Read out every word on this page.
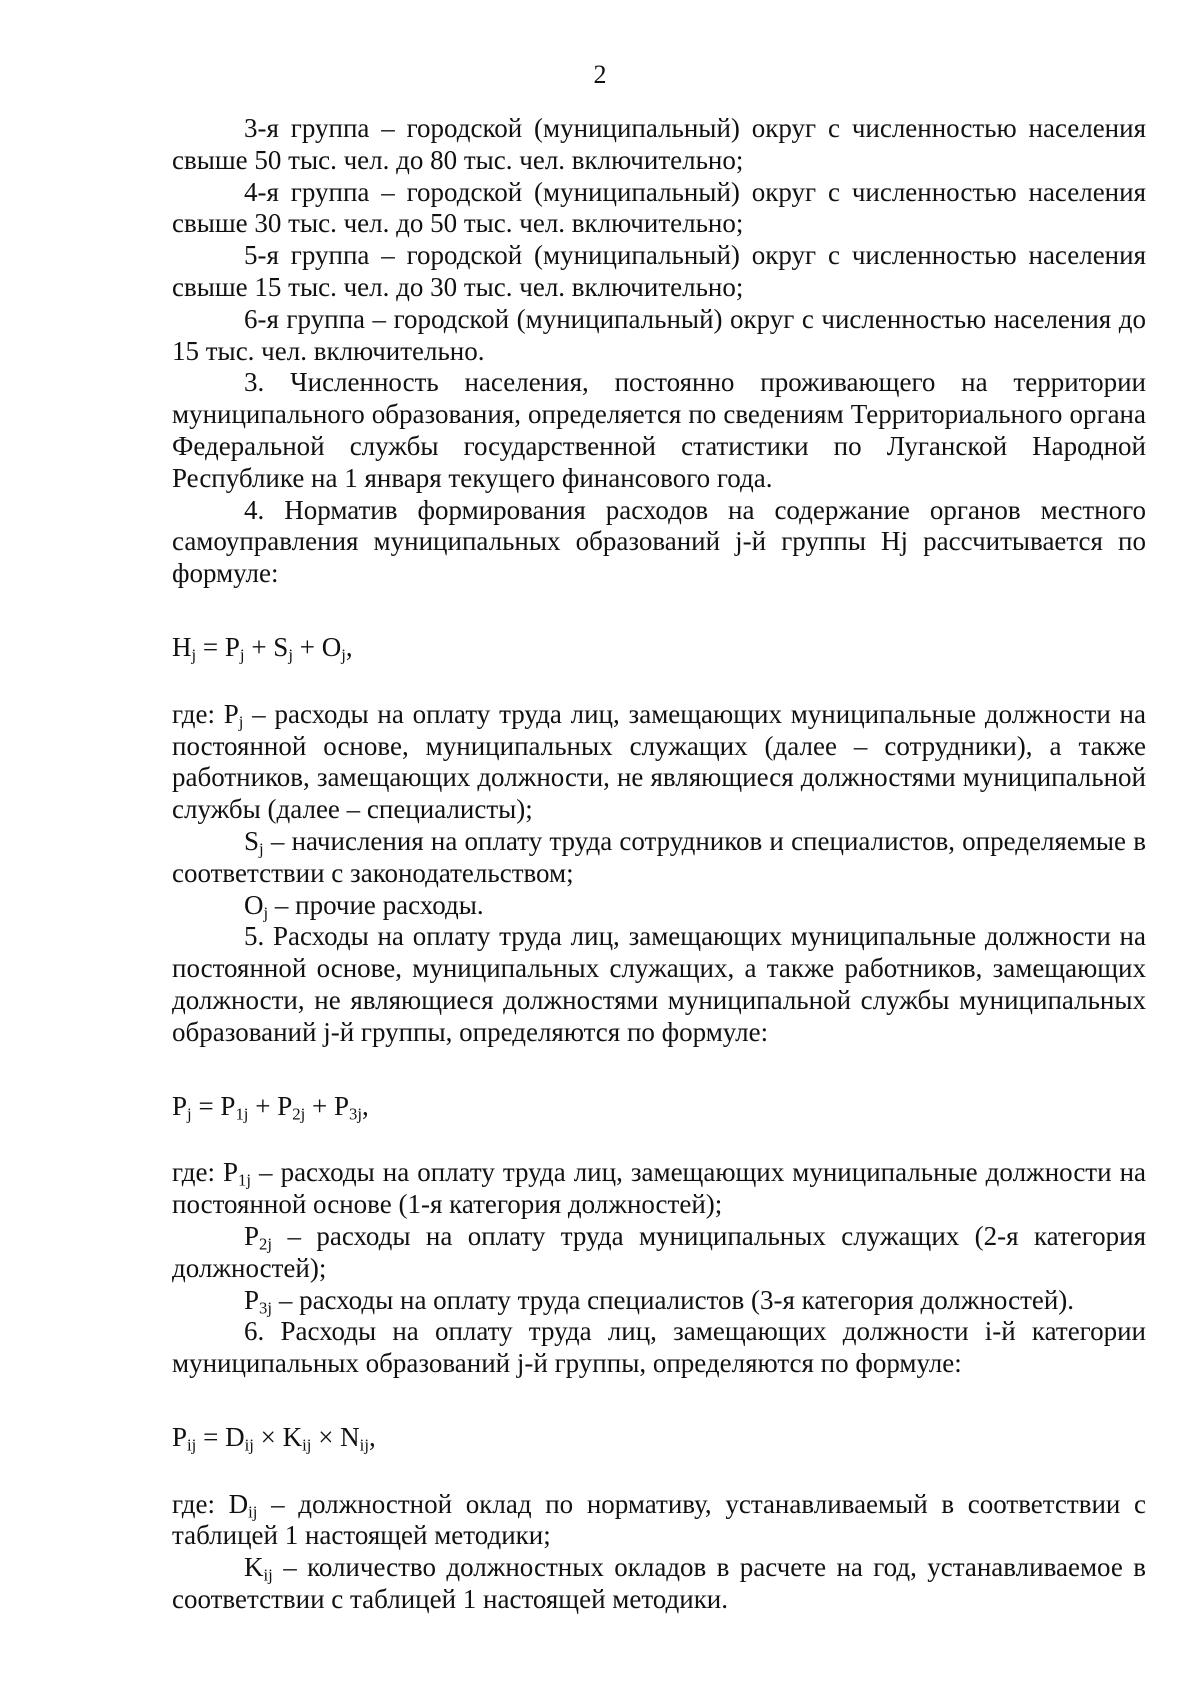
2

3-я группа – городской (муниципальный) округ с численностью населения свыше 50 тыс. чел. до 80 тыс. чел. включительно;

4-я группа – городской (муниципальный) округ с численностью населения свыше 30 тыс. чел. до 50 тыс. чел. включительно;

5-я группа – городской (муниципальный) округ с численностью населения свыше 15 тыс. чел. до 30 тыс. чел. включительно;

6-я группа – городской (муниципальный) округ с численностью населения до 15 тыс. чел. включительно.

3. Численность населения, постоянно проживающего на территории муниципального образования, определяется по сведениям Территориального органа Федеральной службы государственной статистики по Луганской Народной Республике на 1 января текущего финансового года.

4. Норматив формирования расходов на содержание органов местного самоуправления муниципальных образований j-й группы Hj рассчитывается по формуле:

$H_j = P_j + S_j + O_j$,

где: $P_j$ – расходы на оплату труда лиц, замещающих муниципальные должности на постоянной основе, муниципальных служащих (далее – сотрудники), а также работников, замещающих должности, не являющиеся должностями муниципальной службы (далее – специалисты);

$S_j$ – начисления на оплату труда сотрудников и специалистов, определяемые в соответствии с законодательством;

$O_j$ – прочие расходы.

5. Расходы на оплату труда лиц, замещающих муниципальные должности на постоянной основе, муниципальных служащих, а также работников, замещающих должности, не являющиеся должностями муниципальной службы муниципальных образований j-й группы, определяются по формуле:

$P_j = P_{1j} + P_{2j} + P_{3j}$,

где: $P_{1j}$ – расходы на оплату труда лиц, замещающих муниципальные должности на постоянной основе (1-я категория должностей);

$P_{2j}$ – расходы на оплату труда муниципальных служащих (2-я категория должностей);

$P_{3j}$ – расходы на оплату труда специалистов (3-я категория должностей).

6. Расходы на оплату труда лиц, замещающих должности i-й категории муниципальных образований j-й группы, определяются по формуле:

$P_{ij} = D_{ij} \times K_{ij} \times N_{ij}$,

где: $D_{ij}$ – должностной оклад по нормативу, устанавливаемый в соответствии с таблицей 1 настоящей методики;

$K_{ij}$ – количество должностных окладов в расчете на год, устанавливаемое в соответствии с таблицей 1 настоящей методики.
